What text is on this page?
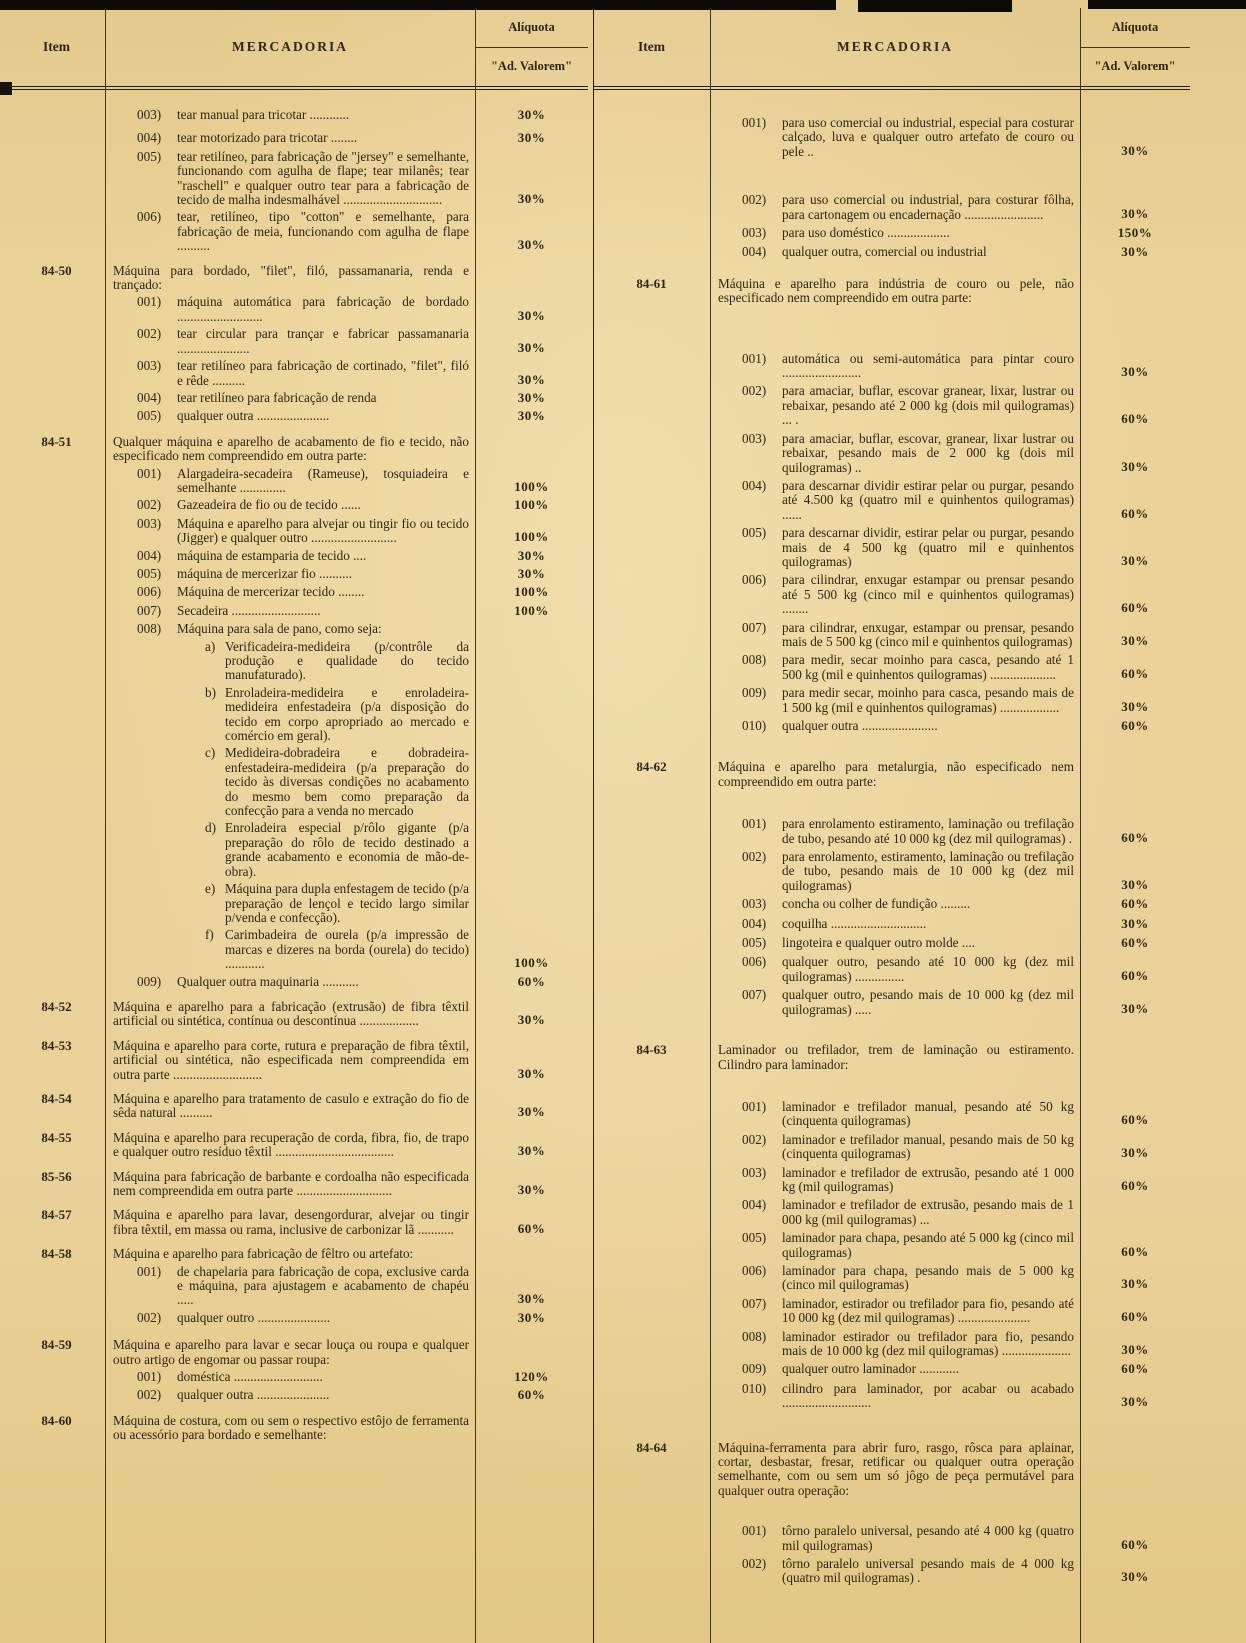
Item	MERCADORIA
Alíquota
"Ad. Valorem"
003) tear manual para tricotar ............	30%
004) tear motorizado para tricotar ........	30%
005) tear retilíneo, para fabricação de "jersey" e semelhante, funcionando com agulha de flape; tear milanês; tear "raschell" e qualquer outro tear para a fabricação de tecido de malha indesmalhável ..............................	30%
006) tear, retilíneo, tipo "cotton" e semelhante, para fabricação de meia, funcionando com agulha de flape ..........	30%
84-50	Máquina para bordado, "filet", filó, passamanaria, renda e trançado:
001) máquina automática para fabricação de bordado ..........................	30%
002) tear circular para trançar e fabricar passamanaria ......................	30%
003) tear retilíneo para fabricação de cortinado, "filet", filó e rêde ..........	30%
004) tear retilíneo para fabricação de renda	30%
005) qualquer outra ......................	30%
84-51	Qualquer máquina e aparelho de acabamento de fio e tecido, não especificado nem compreendido em outra parte:
001) Alargadeira-secadeira (Rameuse), tosquiadeira e semelhante ..............	100%
002) Gazeadeira de fio ou de tecido ......	100%
003) Máquina e aparelho para alvejar ou tingir fio ou tecido (Jigger) e qualquer outro ..........................	100%
004) máquina de estamparia de tecido ....	30%
005) máquina de mercerizar fio ..........	30%
006) Máquina de mercerizar tecido ........	100%
007) Secadeira ...........................	100%
008) Máquina para sala de pano, como seja:
a) Verificadeira-medideira (p/contrôle da produção e qualidade do tecido manufaturado).
b) Enroladeira-medideira e enroladeira-medideira enfestadeira (p/a disposição do tecido em corpo apropriado ao mercado e comércio em geral).
c) Medideira-dobradeira e dobradeira-enfestadeira-medideira (p/a preparação do tecido às diversas condições no acabamento do mesmo bem como preparação da confecção para a venda no mercado
d) Enroladeira especial p/rôlo gigante (p/a preparação do rôlo de tecido destinado a grande acabamento e economia de mão-de-obra).
e) Máquina para dupla enfestagem de tecido (p/a preparação de lençol e tecido largo similar p/venda e confecção).
f) Carimbadeira de ourela (p/a impressão de marcas e dizeres na borda (ourela) do tecido) ............	100%
009) Qualquer outra maquinaria ...........	60%
84-52	Máquina e aparelho para a fabricação (extrusão) de fibra têxtil artificial ou sintética, contínua ou descontínua ..................	30%
84-53	Máquina e aparelho para corte, rutura e preparação de fibra têxtil, artificial ou sintética, não especificada nem compreendida em outra parte ...........................	30%
84-54	Máquina e aparelho para tratamento de casulo e extração do fio de sêda natural ..........	30%
84-55	Máquina e aparelho para recuperação de corda, fibra, fio, de trapo e qualquer outro resíduo têxtil ....................................	30%
85-56	Máquina para fabricação de barbante e cordoalha não especificada nem compreendida em outra parte .............................	30%
84-57	Máquina e aparelho para lavar, desengordurar, alvejar ou tingir fibra têxtil, em massa ou rama, inclusive de carbonizar lã ...........	60%
84-58	Máquina e aparelho para fabricação de fêltro ou artefato:
001) de chapelaria para fabricação de copa, exclusive carda e máquina, para ajustagem e acabamento de chapéu .....	30%
002) qualquer outro ......................	30%
84-59	Máquina e aparelho para lavar e secar louça ou roupa e qualquer outro artigo de engomar ou passar roupa:
001) doméstica ...........................	120%
002) qualquer outra ......................	60%
84-60	Máquina de costura, com ou sem o respectivo estôjo de ferramenta ou acessório para bordado e semelhante:
Item	MERCADORIA
Alíquota
"Ad. Valorem"
001) para uso comercial ou industrial, especial para costurar calçado, luva e qualquer outro artefato de couro ou pele ..	30%
002) para uso comercial ou industrial, para costurar fôlha, para cartonagem ou encadernação ........................	30%
003) para uso doméstico ...................	150%
004) qualquer outra, comercial ou industrial	30%
84-61	Máquina e aparelho para indústria de couro ou pele, não especificado nem compreendido em outra parte:
001) automática ou semi-automática para pintar couro ........................	30%
002) para amaciar, buflar, escovar granear, lixar, lustrar ou rebaixar, pesando até 2 000 kg (dois mil quilogramas) ... .	60%
003) para amaciar, buflar, escovar, granear, lixar lustrar ou rebaixar, pesando mais de 2 000 kg (dois mil quilogramas) ..	30%
004) para descarnar dividir estirar pelar ou purgar, pesando até 4.500 kg (quatro mil e quinhentos quilogramas) ......	60%
005) para descarnar dividir, estirar pelar ou purgar, pesando mais de 4 500 kg (quatro mil e quinhentos quilogramas)	30%
006) para cilindrar, enxugar estampar ou prensar pesando até 5 500 kg (cinco mil e quinhentos quilogramas) ........	60%
007) para cilindrar, enxugar, estampar ou prensar, pesando mais de 5 500 kg (cinco mil e quinhentos quilogramas)	30%
008) para medir, secar moinho para casca, pesando até 1 500 kg (mil e quinhentos quilogramas) ....................	60%
009) para medir secar, moinho para casca, pesando mais de 1 500 kg (mil e quinhentos quilogramas) ..................	30%
010) qualquer outra .......................	60%
84-62	Máquina e aparelho para metalurgia, não especificado nem compreendido em outra parte:
001) para enrolamento estiramento, laminação ou trefilação de tubo, pesando até 10 000 kg (dez mil quilogramas) .	60%
002) para enrolamento, estiramento, laminação ou trefilação de tubo, pesando mais de 10 000 kg (dez mil quilogramas)	30%
003) concha ou colher de fundição .........	60%
004) coquilha .............................	30%
005) lingoteira e qualquer outro molde ....	60%
006) qualquer outro, pesando até 10 000 kg (dez mil quilogramas) ...............	60%
007) qualquer outro, pesando mais de 10 000 kg (dez mil quilogramas) .....	30%
84-63	Laminador ou trefilador, trem de laminação ou estiramento. Cilindro para laminador:
001) laminador e trefilador manual, pesando até 50 kg (cinquenta quilogramas)	60%
002) laminador e trefilador manual, pesando mais de 50 kg (cinquenta quilogramas)	30%
003) laminador e trefilador de extrusão, pesando até 1 000 kg (mil quilogramas)	60%
004) laminador e trefilador de extrusão, pesando mais de 1 000 kg (mil quilogramas) ...
005) laminador para chapa, pesando até 5 000 kg (cinco mil quilogramas)	60%
006) laminador para chapa, pesando mais de 5 000 kg (cinco mil quilogramas)	30%
007) laminador, estirador ou trefilador para fio, pesando até 10 000 kg (dez mil quilogramas) ......................	60%
008) laminador estirador ou trefilador para fio, pesando mais de 10 000 kg (dez mil quilogramas) .....................	30%
009) qualquer outro laminador ............	60%
010) cilindro para laminador, por acabar ou acabado ...........................	30%
84-64	Máquina-ferramenta para abrir furo, rasgo, rôsca para aplainar, cortar, desbastar, fresar, retificar ou qualquer outra operação semelhante, com ou sem um só jôgo de peça permutável para qualquer outra operação:
001) tôrno paralelo universal, pesando até 4 000 kg (quatro mil quilogramas)	60%
002) tôrno paralelo universal pesando mais de 4 000 kg (quatro mil quilogramas) .	30%
